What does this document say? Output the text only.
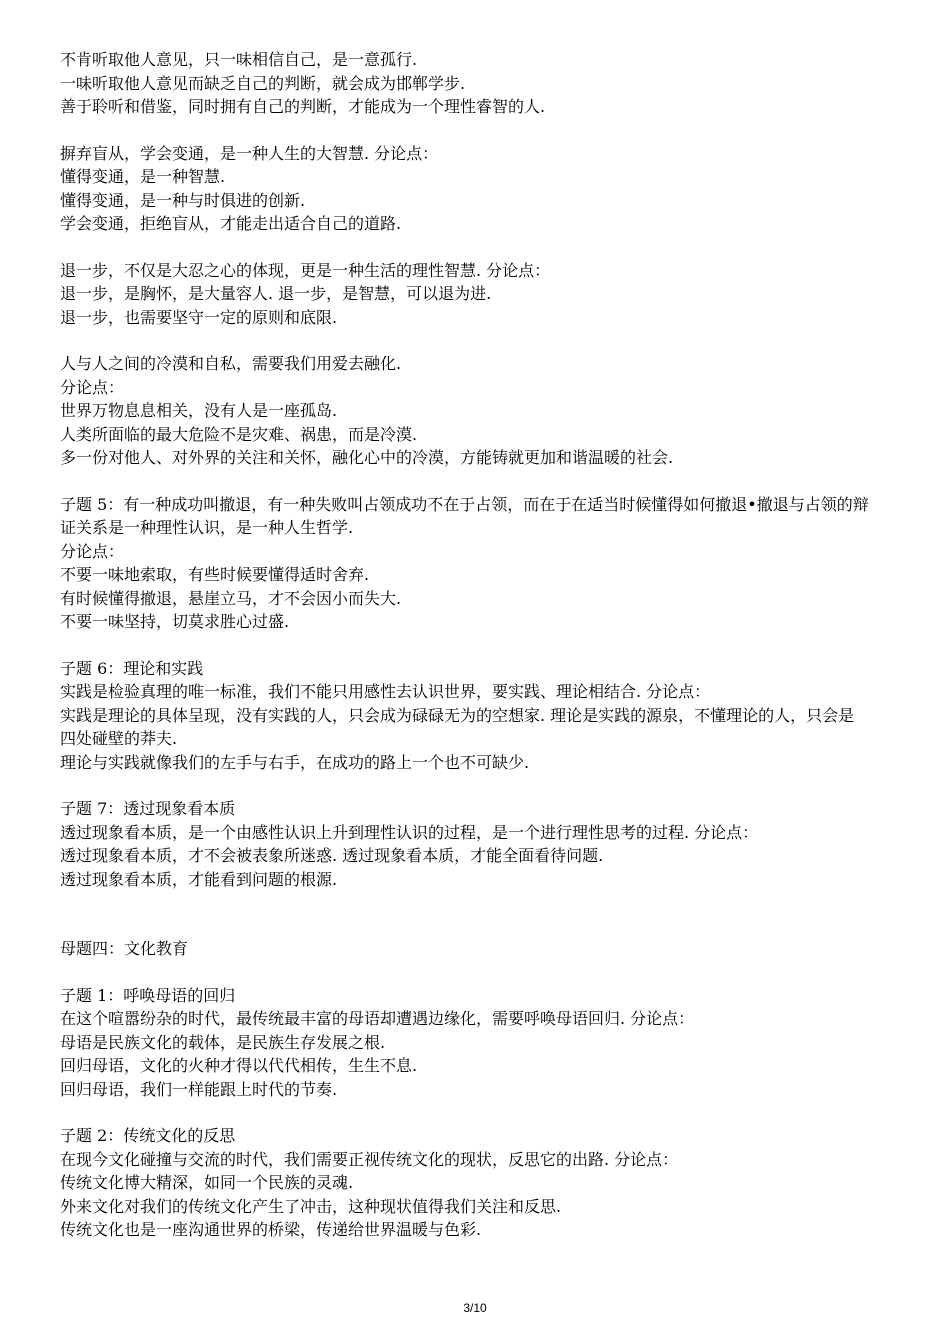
不肯听取他人意见，只一味相信自己，是一意孤行.
一味听取他人意见而缺乏自己的判断，就会成为邯郸学步.
善于聆听和借鉴，同时拥有自己的判断，才能成为一个理性睿智的人.
摒弃盲从，学会变通，是一种人生的大智慧. 分论点：
懂得变通，是一种智慧.
懂得变通，是一种与时俱进的创新.
学会变通，拒绝盲从，才能走出适合自己的道路.
退一步，不仅是大忍之心的体现，更是一种生活的理性智慧. 分论点：
退一步，是胸怀，是大量容人. 退一步，是智慧，可以退为进.
退一步，也需要坚守一定的原则和底限.
人与人之间的冷漠和自私，需要我们用爱去融化.
分论点：
世界万物息息相关，没有人是一座孤岛.
人类所面临的最大危险不是灾难、祸患，而是冷漠.
多一份对他人、对外界的关注和关怀，融化心中的冷漠，方能铸就更加和谐温暖的社会.
子题 5：有一种成功叫撤退，有一种失败叫占领成功不在于占领，而在于在适当时候懂得如何撤退•撤退与占领的辩证关系是一种理性认识，是一种人生哲学.
分论点：
不要一味地索取，有些时候要懂得适时舍弃.
有时候懂得撤退，悬崖立马，才不会因小而失大.
不要一味坚持，切莫求胜心过盛.
子题 6：理论和实践
实践是检验真理的唯一标准，我们不能只用感性去认识世界，要实践、理论相结合. 分论点：
实践是理论的具体呈现，没有实践的人，只会成为碌碌无为的空想家. 理论是实践的源泉，不懂理论的人，只会是四处碰壁的莽夫.
理论与实践就像我们的左手与右手，在成功的路上一个也不可缺少.
子题 7：透过现象看本质
透过现象看本质，是一个由感性认识上升到理性认识的过程，是一个进行理性思考的过程. 分论点：
透过现象看本质，才不会被表象所迷惑. 透过现象看本质，才能全面看待问题.
透过现象看本质，才能看到问题的根源.
母题四：文化教育
子题 1：呼唤母语的回归
在这个喧嚣纷杂的时代，最传统最丰富的母语却遭遇边缘化，需要呼唤母语回归. 分论点：
母语是民族文化的载体，是民族生存发展之根.
回归母语，文化的火种才得以代代相传，生生不息.
回归母语，我们一样能跟上时代的节奏.
子题 2：传统文化的反思
在现今文化碰撞与交流的时代，我们需要正视传统文化的现状，反思它的出路. 分论点：
传统文化博大精深，如同一个民族的灵魂.
外来文化对我们的传统文化产生了冲击，这种现状值得我们关注和反思.
传统文化也是一座沟通世界的桥梁，传递给世界温暖与色彩.
3/10
